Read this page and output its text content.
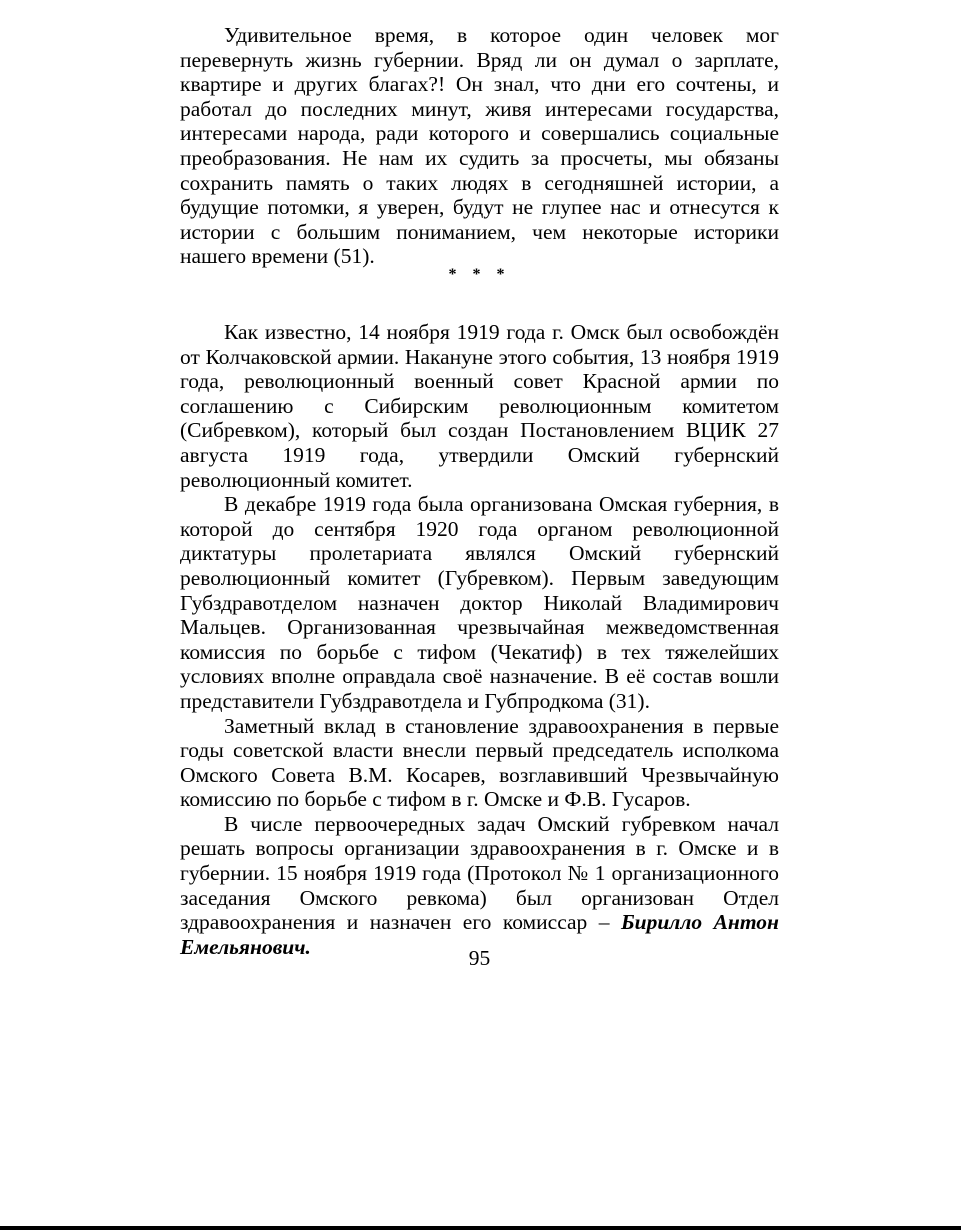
Удивительное время, в которое один человек мог перевернуть жизнь губернии. Вряд ли он думал о зарплате, квартире и других благах?! Он знал, что дни его сочтены, и работал до последних минут, живя интересами государства, интересами народа, ради которого и совершались социальные преобразования. Не нам их судить за просчеты, мы обязаны сохранить память о таких людях в сегодняшней истории, а будущие потомки, я уверен, будут не глупее нас и отнесутся к истории с большим пониманием, чем некоторые историки нашего времени (51).

* * *

Как известно, 14 ноября 1919 года г. Омск был освобождён от Колчаковской армии. Накануне этого события, 13 ноября 1919 года, революционный военный совет Красной армии по соглашению с Сибирским революционным комитетом (Сибревком), который был создан Постановлением ВЦИК 27 августа 1919 года, утвердили Омский губернский революционный комитет.

В декабре 1919 года была организована Омская губерния, в которой до сентября 1920 года органом революционной диктатуры пролетариата являлся Омский губернский революционный комитет (Губревком). Первым заведующим Губздравотделом назначен доктор Николай Владимирович Мальцев. Организованная чрезвычайная межведомственная комиссия по борьбе с тифом (Чекатиф) в тех тяжелейших условиях вполне оправдала своё назначение. В её состав вошли представители Губздравотдела и Губпродкома (31).

Заметный вклад в становление здравоохранения в первые годы советской власти внесли первый председатель исполкома Омского Совета В.М. Косарев, возглавивший Чрезвычайную комиссию по борьбе с тифом в г. Омске и Ф.В. Гусаров.

В числе первоочередных задач Омский губревком начал решать вопросы организации здравоохранения в г. Омске и в губернии. 15 ноября 1919 года (Протокол № 1 организационного заседания Омского ревкома) был организован Отдел здравоохранения и назначен его комиссар – Бирилло Антон Емельянович.	95
